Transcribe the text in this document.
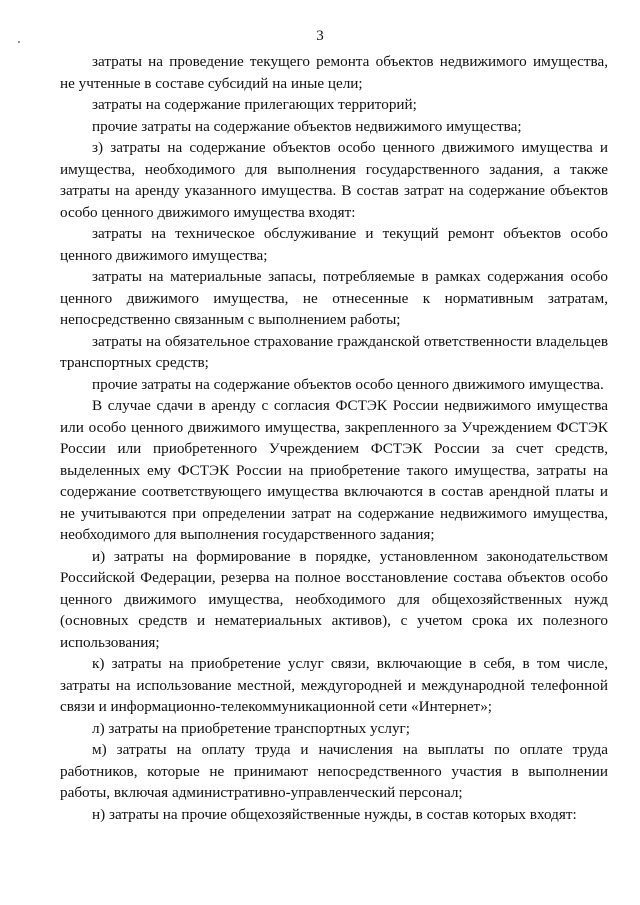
3

затраты на проведение текущего ремонта объектов недвижимого имущества, не учтенные в составе субсидий на иные цели;

затраты на содержание прилегающих территорий;

прочие затраты на содержание объектов недвижимого имущества;

з) затраты на содержание объектов особо ценного движимого имущества и имущества, необходимого для выполнения государственного задания, а также затраты на аренду указанного имущества. В состав затрат на содержание объектов особо ценного движимого имущества входят:

затраты на техническое обслуживание и текущий ремонт объектов особо ценного движимого имущества;

затраты на материальные запасы, потребляемые в рамках содержания особо ценного движимого имущества, не отнесенные к нормативным затратам, непосредственно связанным с выполнением работы;

затраты на обязательное страхование гражданской ответственности владельцев транспортных средств;

прочие затраты на содержание объектов особо ценного движимого имущества.

В случае сдачи в аренду с согласия ФСТЭК России недвижимого имущества или особо ценного движимого имущества, закрепленного за Учреждением ФСТЭК России или приобретенного Учреждением ФСТЭК России за счет средств, выделенных ему ФСТЭК России на приобретение такого имущества, затраты на содержание соответствующего имущества включаются в состав арендной платы и не учитываются при определении затрат на содержание недвижимого имущества, необходимого для выполнения государственного задания;

и) затраты на формирование в порядке, установленном законодательством Российской Федерации, резерва на полное восстановление состава объектов особо ценного движимого имущества, необходимого для общехозяйственных нужд (основных средств и нематериальных активов), с учетом срока их полезного использования;

к) затраты на приобретение услуг связи, включающие в себя, в том числе, затраты на использование местной, междугородней и международной телефонной связи и информационно-телекоммуникационной сети «Интернет»;

л) затраты на приобретение транспортных услуг;

м) затраты на оплату труда и начисления на выплаты по оплате труда работников, которые не принимают непосредственного участия в выполнении работы, включая административно-управленческий персонал;

н) затраты на прочие общехозяйственные нужды, в состав которых входят:
